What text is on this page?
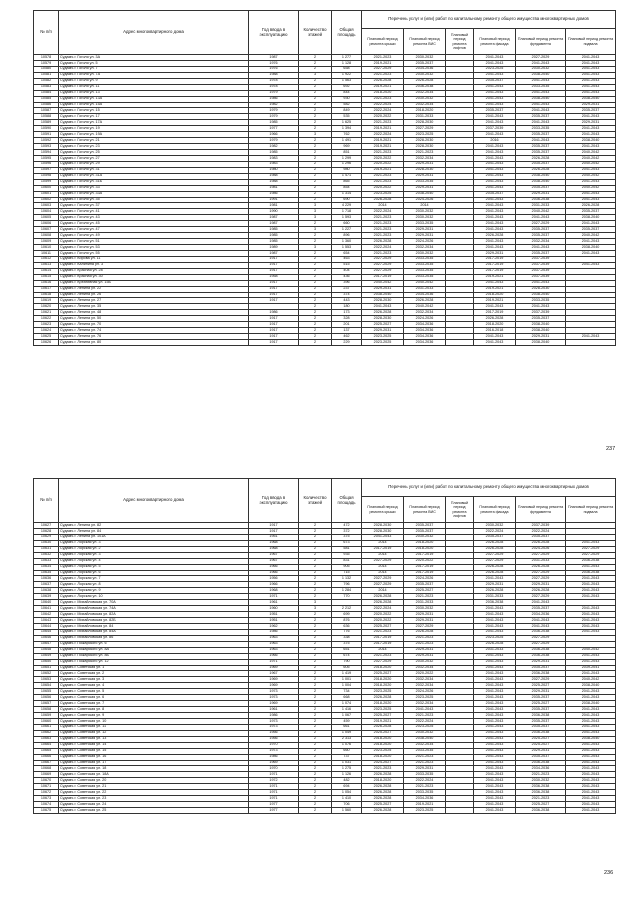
№ п/п	Адрес многоквартирного дома	Год ввода в эксплуатацию	Количество этажей	Общая площадь	Перечень услуг и (или) работ по капитальному ремонту общего имущества многоквартирных домов					
					Плановый период ремонта крыши	Плановый период ремонта ВИС	Плановый период ремонта лифтов	Плановый период ремонта фасада	Плановый период ремонта фундамента	Плановый период ремонта подвала
10578	Судамъ г. Гоголя ул. 3А	1987	2	1 277	2021-2023	2030-2032		2041-2043	2027-2029	2041-2043
10579	Судамъ г. Гоголя ул. 5	1976	2	1 128	2019-2021	2035-2037		2041-2043	2041-2043	2041-2043
10580	Судамъ г. Гоголя ул. 7	1976	2	658	2027-2029	2034-2036		2023-2025	2030-2032	2041-2043
10581	Судамъ г. Гоголя ул. 7А	1988	3	1 922	2021-2023	2030-2032		2041-2043	2038-2040	2041-2043
10582	Судамъ г. Гоголя ул. 9	1978	2	1 563	2026-2028	2026-2028		2035-2037	2041-2043	2041-2043
10583	Судамъ г. Гоголя ул. 11	1978	2	692	2019-2021	2036-2038		2041-2043	2033-2035	2041-2043
10584	Судамъ г. Гоголя ул. 13	1979	2	844	2018-2020	2032-2034		2041-2043	2041-2043	2041-2043
10585	Судамъ г. Гоголя ул. 13А	1986	2	930	2021-2023	2030-2032		2041-2043	2038-2040	2038-2040
10586	Судамъ г. Гоголя ул. 15А	1982	2	582	2022-2024	2032-2034		2041-2043	2041-2043	2029-2031
10587	Судамъ г. Гоголя ул. 15	1979	2	849	2022-2024	2018-2020		2035-2037	2041-2043	2035-2037
10588	Судамъ г. Гоголя ул. 17	1979	2	535	2020-2022	2031-2033		2041-2043	2035-2037	2041-2043
10589	Судамъ г. Гоголя ул. 17А	1985	2	1 625	2021-2023	2028-2030		2041-2043	2041-2043	2029-2031
10590	Судамъ г. Гоголя ул. 19	1977	2	1 394	2019-2021	2027-2029		2037-2039	2033-2035	2041-2043
10591	Судамъ г. Гоголя ул. 19А	1966	3	762	2022-2024	2023-2025		2041-2043	2035-2037	2041-2043
10592	Судамъ г. Гоголя ул. 21	1979	2	1 491	2019-2021	2028-2030		2016	2041-2043	2038-2040
10593	Судамъ г. Гоголя ул. 23	1982	2	969	2019-2021	2028-2030		2041-2043	2035-2037	2041-2043
10594	Судамъ г. Гоголя ул. 25	1985	2	851	2021-2023	2021-2023		2041-2043	2035-2037	2040-2042
10595	Судамъ г. Гоголя ул. 27	1983	2	1 299	2020-2022	2032-2034		2041-2043	2026-2028	2040-2042
10596	Судамъ г. Гоголя ул. 29	1983	2	1 296	2020-2022	2029-2031		2041-2043	2035-2037	2040-2042
10597	Судамъ г. Гоголя ул. 31	1980	2	980	2019-2021	2028-2030		2041-2043	2026-2028	2041-2043
10598	Судамъ г. Гоголя ул. 31А	1988	2	1 471	2021-2023	2029-2031		2041-2043	2038-2040	2040-2042
10599	Судамъ г. Гоголя ул. 31Б	1988	2	865	2021-2023	2033-2035		2041-2043	2038-2040	2041-2043
10600	Судамъ г. Гоголя ул. 33	1981	2	854	2020-2022	2029-2031		2041-2043	2035-2037	2040-2042
10601	Судамъ г. Гоголя ул. 33А	1986	2	1 314	2023-2025	2038-2040		2035-2037	2029-2031	2041-2043
10602	Судамъ г. Гоголя ул. 35	1991	2	690	2026-2028	2024-2026		2041-2043	2036-2038	2041-2043
10603	Судамъ г. Гоголя ул. 37	1981	3	4 229	2014	2014		2041-2043	2031-2033	2026-2028
10604	Судамъ г. Гоголя ул. 41	1990	3	1 718	2022-2024	2030-2032		2041-2043	2040-2042	2035-2037
10605	Судамъ г. Гоголя ул. 43	1987	3	1 593	2021-2023	2030-2032		2041-2043	2041-2043	2038-2040
10606	Судамъ г. Гоголя ул. 45	1987	2	660	2021-2023	2033-2035		2041-2043	2027-2029	2041-2043
10607	Судамъ г. Гоголя ул. 47	1985	3	1 227	2021-2023	2029-2031		2041-2043	2035-2037	2035-2037
10608	Судамъ г. Гоголя ул. 49	1985	2	896	2021-2023	2029-2031		2026-2028	2035-2037	2040-2042
10609	Судамъ г. Гоголя ул. 51	1985	2	1 360	2026-2028	2024-2026		2041-2043	2032-2034	2041-2043
10610	Судамъ г. Гоголя ул. 53	1989	3	1 553	2022-2024	2032-2034		2041-2043	2041-2043	2038-2040
10611	Судамъ г. Гоголя ул. 55	1987	2	654	2021-2023	2030-2032		2029-2031	2035-2037	2041-2043
10612	Судамъ г. Кирова ул. 11	1917	2	463	2027-2029	2033-2035		2017-2019	2037-2039	
10613	Судамъ г. Калинина ул. 3	1917	2	515	2027-2029	2033-2035		2017-2019	2037-2039	2041-2043
10614	Судамъ г. Красная ул. 28	1917	2	404	2027-2029	2033-2035		2017-2019	2037-2039	
10615	Судамъ г. Красная ул. 30	1958	2	436	2017-2019	2033-2035		2019-2021	2037-2039	
10616	Судамъ г. Креативная ул. 15Б	1917	2	396	2040-2042	2040-2042		2041-2043	2041-2043	
10617	Судамъ г. Ленина ул. 22	1917	2	237	2029-2031	2031-2033		2019-2021	2028-2030	
10618	Судамъ г. Ленина ул. 26	1917	2	374	2038-2040	2034-2036		2018-2020	2038-2040	
10619	Судамъ г. Ленина ул. 27	1917	2	443	2028-2030	2026-2028		2019-2021	2033-2035	
10620	Судамъ г. Ленина ул. 35		2	180	2041-2043	2040-2042		2041-2043	2041-2043	
10621	Судамъ г. Ленина ул. 48	1986	2	173	2026-2028	2032-2034		2017-2019	2037-2039	
10622	Судамъ г. Ленина ул. 50	1917	2	328	2028-2030	2024-2026		2026-2028	2035-2037	
10623	Судамъ г. Ленина ул. 70	1917	2	201	2025-2027	2034-2036		2018-2020	2038-2040	
10624	Судамъ г. Ленина ул. 74	1917	2	137	2029-2031	2034-2036		2016-2018	2038-2040	
10625	Судамъ г. Ленина ул. 76	1917	2	462	2023-2025	2034-2036		2041-2043	2029-2031	2041-2043
10626	Судамъ г. Ленина ул. 80	1917	2	229	2023-2025	2034-2036		2041-2043	2038-2040	
237
№ п/п	Адрес многоквартирного дома	Год ввода в эксплуатацию	Количество этажей	Общая площадь	Перечень услуг и (или) работ по капитальному ремонту общего имущества многоквартирных домов					
					Плановый период ремонта крыши	Плановый период ремонта ВИС	Плановый период ремонта лифтов	Плановый период ремонта фасада	Плановый период ремонта фундамента	Плановый период ремонта подвала
10627	Судамъ г. Ленина ул. 82	1917	2	472	2028-2030	2035-2037		2030-2032	2037-2039	
10628	Судамъ г. Ленина ул. 84	1917	2	372	2028-2030	2035-2037		2022-2024	2022-2024	
10629	Судамъ г. Ленина ул. 101А	1951	2	375	2041-2043	2030-2032		2035-2037	2035-2037	
10630	Судамъ г. Лорская ул. 3	1968	2	673	2014	2018-2020		2026-2028	2026-2028	2041-2043
10631	Судамъ г. Лорская ул. 2	1968	2	581	2017-2019	2018-2020		2026-2028	2024-2026	2027-2029
10632	Судамъ г. Лорская ул. 3	1967	2	935	2014	2017-2019		2027-2029	2027-2029	2027-2029
10633	Судамъ г. Лорская ул. 4	1967	2	831	2027-2029	2020-2022		2027-2029	2031-2033	2036-2038
10634	Судамъ г. Лорская ул. 5	1966	2	905	2014	2017-2019		2026-2028	2026-2028	2041-2043
10635	Судамъ г. Лорская ул. 6	1966	2	715	2014	2017-2019		2026-2028	2027-2029	2036-2038
10636	Судамъ г. Лорская ул. 7	1956	2	1 132	2027-2029	2024-2026		2041-2043	2027-2029	2041-2043
10637	Судамъ г. Лорская ул. 8	1966	2	796	2027-2029	2035-2037		2029-2031	2029-2031	2041-2043
10638	Судамъ г. Лорская ул. 9	1968	2	1 284	2014	2025-2027		2026-2028	2026-2028	2041-2043
10639	Судамъ г. Лорская ул. 10	1971	2	770	2026-2028	2021-2023		2031-2033	2027-2029	2041-2043
10640	Судамъ г. Михайловская ул. 70А	1961	3		2026-2028	2031-2033		2036-2038	2041-2043	
10641	Судамъ г. Михайловская ул. 74А	1960	3	2 212	2022-2024	2030-2032		2041-2043	2035-2037	2041-2043
10642	Судамъ г. Михайловская ул. 82А	1951	2	699	2020-2022	2029-2031		2041-2043	2034-2036	2041-2043
10643	Судамъ г. Михайловская ул. 82Б	1951	2	876	2020-2022	2029-2031		2041-2043	2041-2043	2041-2043
10644	Судамъ г. Михайловская ул. 84	1962	2	636	2025-2027	2027-2029		2041-2043	2041-2043	2041-2043
10645	Судамъ г. Михайловская ул. 84А	1986	2	776	2021-2023	2026-2028		2041-2043	2036-2038	2041-2043
10646	Судамъ г. Михайловская ул. 86	1963	2	338	2017-2019	2021-2023		2023-2025	2027-2029	
10647	Судамъ г. Пожарского ул. 6	1963	2	375	2017-2019	2021-2023		2026-2028	2027-2029	
10648	Судамъ г. Пожарского ул. 8А	1963	2	651	2014	2029-2031		2031-2033	2036-2038	2040-2042
10649	Судамъ г. Пожарского ул. 8Б	1966	2	674	2021-2023	2029-2031		2041-2043	2036-2038	2041-2043
10650	Судамъ г. Пожарского ул. 12	1971	2	790	2027-2029	2030-2032		2041-2043	2029-2031	2041-2043
10651	Судамъ г. Советская ул. 1	1969	2	605	2018-2020	2032-2034		2041-2043	2035-2037	2039-2041
10652	Судамъ г. Советская ул. 2	1967	2	1 419	2025-2027	2020-2022		2041-2043	2036-2038	2041-2043
10653	Судамъ г. Советская ул. 3	1969	2	1 001	2018-2020	2032-2034		2041-2043	2027-2029	2040-2042
10654	Судамъ г. Советская ул. 4	1969	2	1 004	2018-2020	2032-2034		2041-2043	2025-2027	2038-2040
10655	Судамъ г. Советская ул. 5	1973	2	734	2023-2025	2024-2026		2041-2043	2029-2031	2041-2043
10656	Судамъ г. Советская ул. 6	1973	2	668	2026-2028	2023-2025		2041-2043	2035-2037	2041-2043
10657	Судамъ г. Советская ул. 7	1969	2	1 074	2018-2020	2032-2034		2041-2043	2025-2027	2038-2040
10658	Судамъ г. Советская ул. 8	1961	2	1 416	2023-2025	2041-2043		2041-2043	2035-2037	2041-2043
10659	Судамъ г. Советская ул. 9	1986	2	1 067	2025-2027	2021-2023		2041-2043	2036-2038	2041-2043
10660	Судамъ г. Советская ул. 10	1973	2	459	2019-2021	2022-2024		2041-2043	2035-2037	2041-2043
10661	Судамъ г. Советская ул. 11	1973	2	661	2026-2028	2023-2025		2041-2043	2035-2037	2041-2043
10662	Судамъ г. Советская ул. 12	1956	2	1 049	2025-2027	2030-2032		2041-2043	2036-2038	2041-2043
10663	Судамъ г. Советская ул. 13	1956	2	2 313	2018-2020	2038-2040		2041-2043	2025-2027	2038-2040
10664	Судамъ г. Советская ул. 14	1970	2	1 076	2018-2020	2032-2034		2041-2043	2025-2027	2041-2043
10665	Судамъ г. Советская ул. 15	1973	2	660	2023-2025	2033-2035		2041-2043	2029-2031	2041-2043
10666	Судамъ г. Советская ул. 16	1986	2	737	2018-2020	2021-2023		2041-2043	2035-2037	2041-2043
10667	Судамъ г. Советская ул. 17	1969	2	1 031	2024-2027	2021-2023		2041-2043	2036-2038	2041-2043
10668	Судамъ г. Советская ул. 18	1970	2	1 275	2021-2023	2029-2031		2041-2043	2034-2036	2041-2043
10669	Судамъ г. Советская ул. 18А	1971	2	1 126	2026-2028	2033-2035		2041-2043	2021-2023	2041-2043
10670	Судамъ г. Советская ул. 20	1972	2	482	2018-2020	2022-2024		2041-2043	2030-2032	2041-2043
10671	Судамъ г. Советская ул. 21	1971	2	694	2026-2028	2021-2023		2041-2043	2036-2038	2041-2043
10672	Судамъ г. Советская ул. 22	1971	2	1 054	2026-2028	2033-2035		2041-2043	2036-2038	2041-2043
10673	Судамъ г. Советская ул. 23	1971	2	1 410	2026-2028	2034-2036		2041-2043	2021-2023	2041-2043
10674	Судамъ г. Советская ул. 24	1977	2	706	2025-2027	2019-2021		2041-2043	2025-2027	2041-2043
10675	Судамъ г. Советская ул. 25	1977	2	1 560	2026-2028	2023-2025		2041-2043	2036-2038	2041-2043
236
